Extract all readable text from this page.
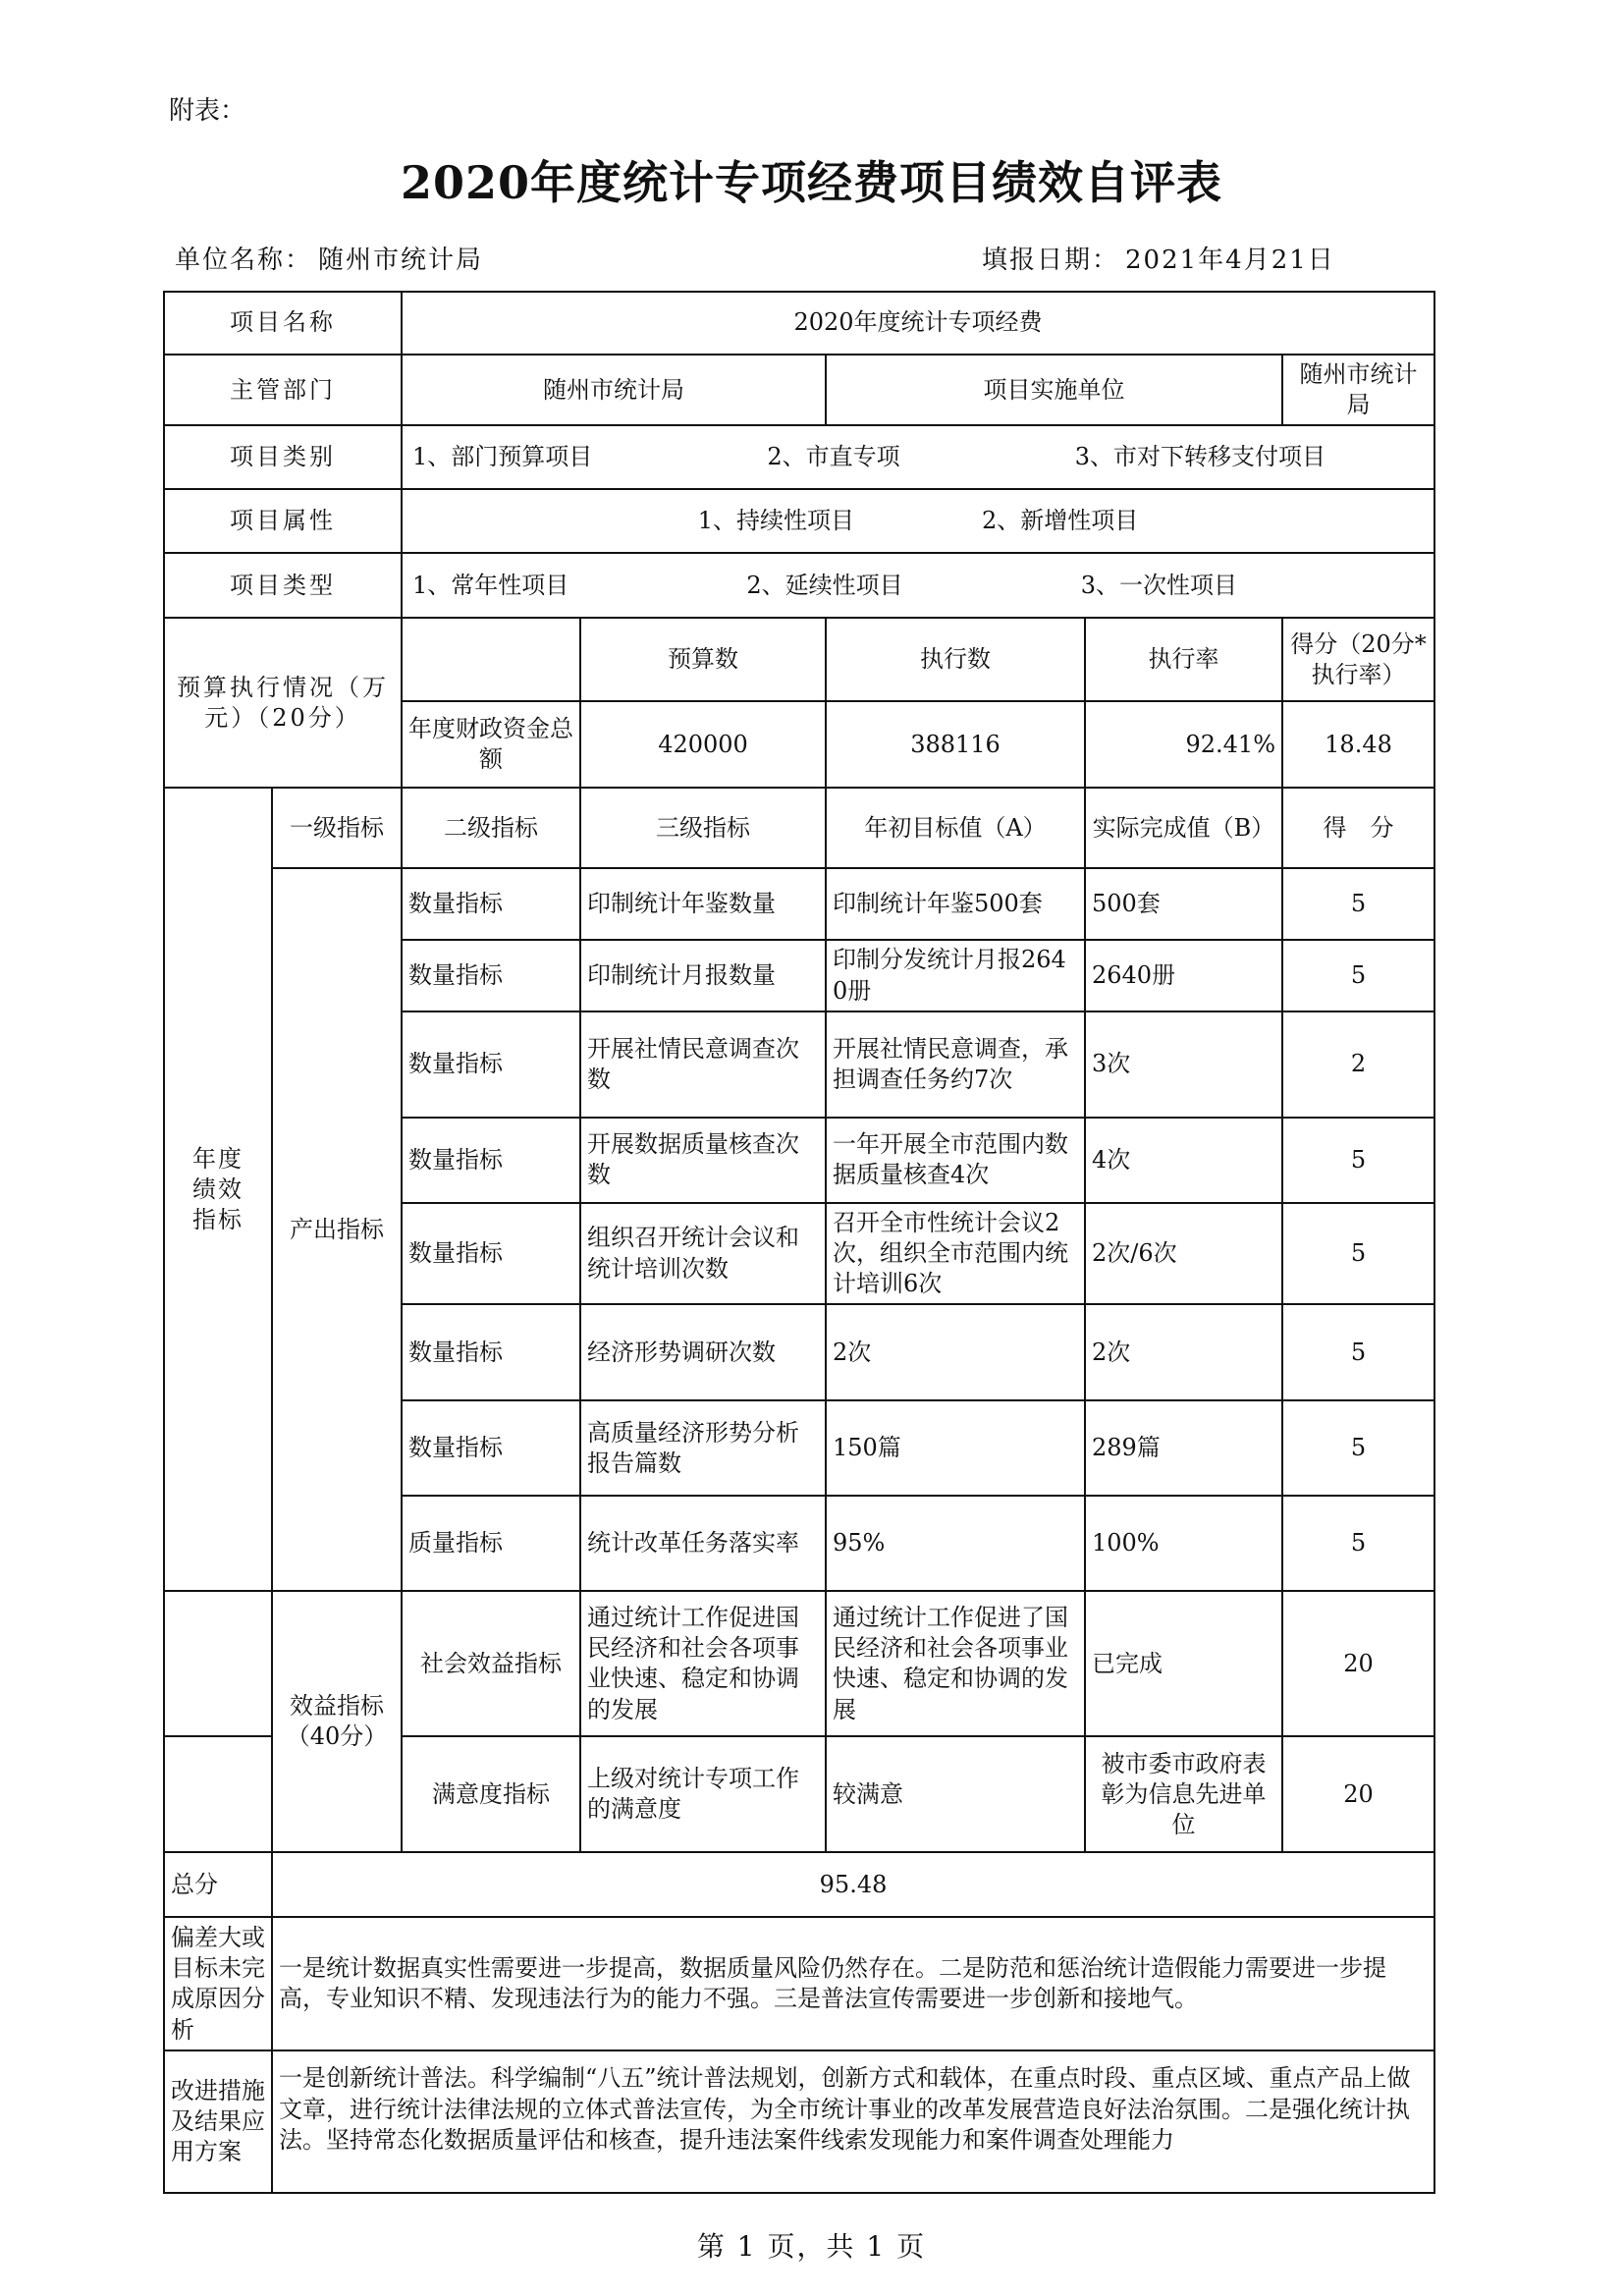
附表：
2020年度统计专项经费项目绩效自评表
单位名称： 随州市统计局	填报日期： 2021年4月21日
项目名称		2020年度统计专项经费				
主管部门		随州市统计局		项目实施单位		随州市统计局
项目类别		1、部门预算项目 2、市直专项 3、市对下转移支付项目				

项目属性		1、持续性项目 2、新增性项目				

项目类型		1、常年性项目 2、延续性项目 3、一次性项目				

预算执行情况（万元）（20分）			预算数	执行数	执行率	得分（20分*执行率）
		年度财政资金总额	420000	388116	92.41%	18.48

年度绩效指标	一级指标	二级指标	三级指标	年初目标值（A）	实际完成值（B）	得　分
	产出指标	数量指标	印制统计年鉴数量	印制统计年鉴500套	500套	5
		数量指标	印制统计月报数量	印制分发统计月报2640册	2640册	5
		数量指标	开展社情民意调查次数	开展社情民意调查，承担调查任务约7次	3次	2
		数量指标	开展数据质量核查次数	一年开展全市范围内数据质量核查4次	4次	5
		数量指标	组织召开统计会议和统计培训次数	召开全市性统计会议2次，组织全市范围内统计培训6次	2次/6次	5
		数量指标	经济形势调研次数	2次	2次	5
		数量指标	高质量经济形势分析报告篇数	150篇	289篇	5
		质量指标	统计改革任务落实率	95%	100%	5
	效益指标（40分）	社会效益指标	通过统计工作促进国民经济和社会各项事业快速、稳定和协调的发展	通过统计工作促进了国民经济和社会各项事业快速、稳定和协调的发展	已完成	20
		满意度指标	上级对统计专项工作的满意度	较满意	被市委市政府表彰为信息先进单位	20
总分	95.48					
偏差大或目标未完成原因分析	一是统计数据真实性需要进一步提高，数据质量风险仍然存在。二是防范和惩治统计造假能力需要进一步提高，专业知识不精、发现违法行为的能力不强。三是普法宣传需要进一步创新和接地气。					
改进措施及结果应用方案	一是创新统计普法。科学编制“八五”统计普法规划，创新方式和载体，在重点时段、重点区域、重点产品上做文章，进行统计法律法规的立体式普法宣传，为全市统计事业的改革发展营造良好法治氛围。二是强化统计执法。坚持常态化数据质量评估和核查，提升违法案件线索发现能力和案件调查处理能力					
第 1 页，共 1 页
